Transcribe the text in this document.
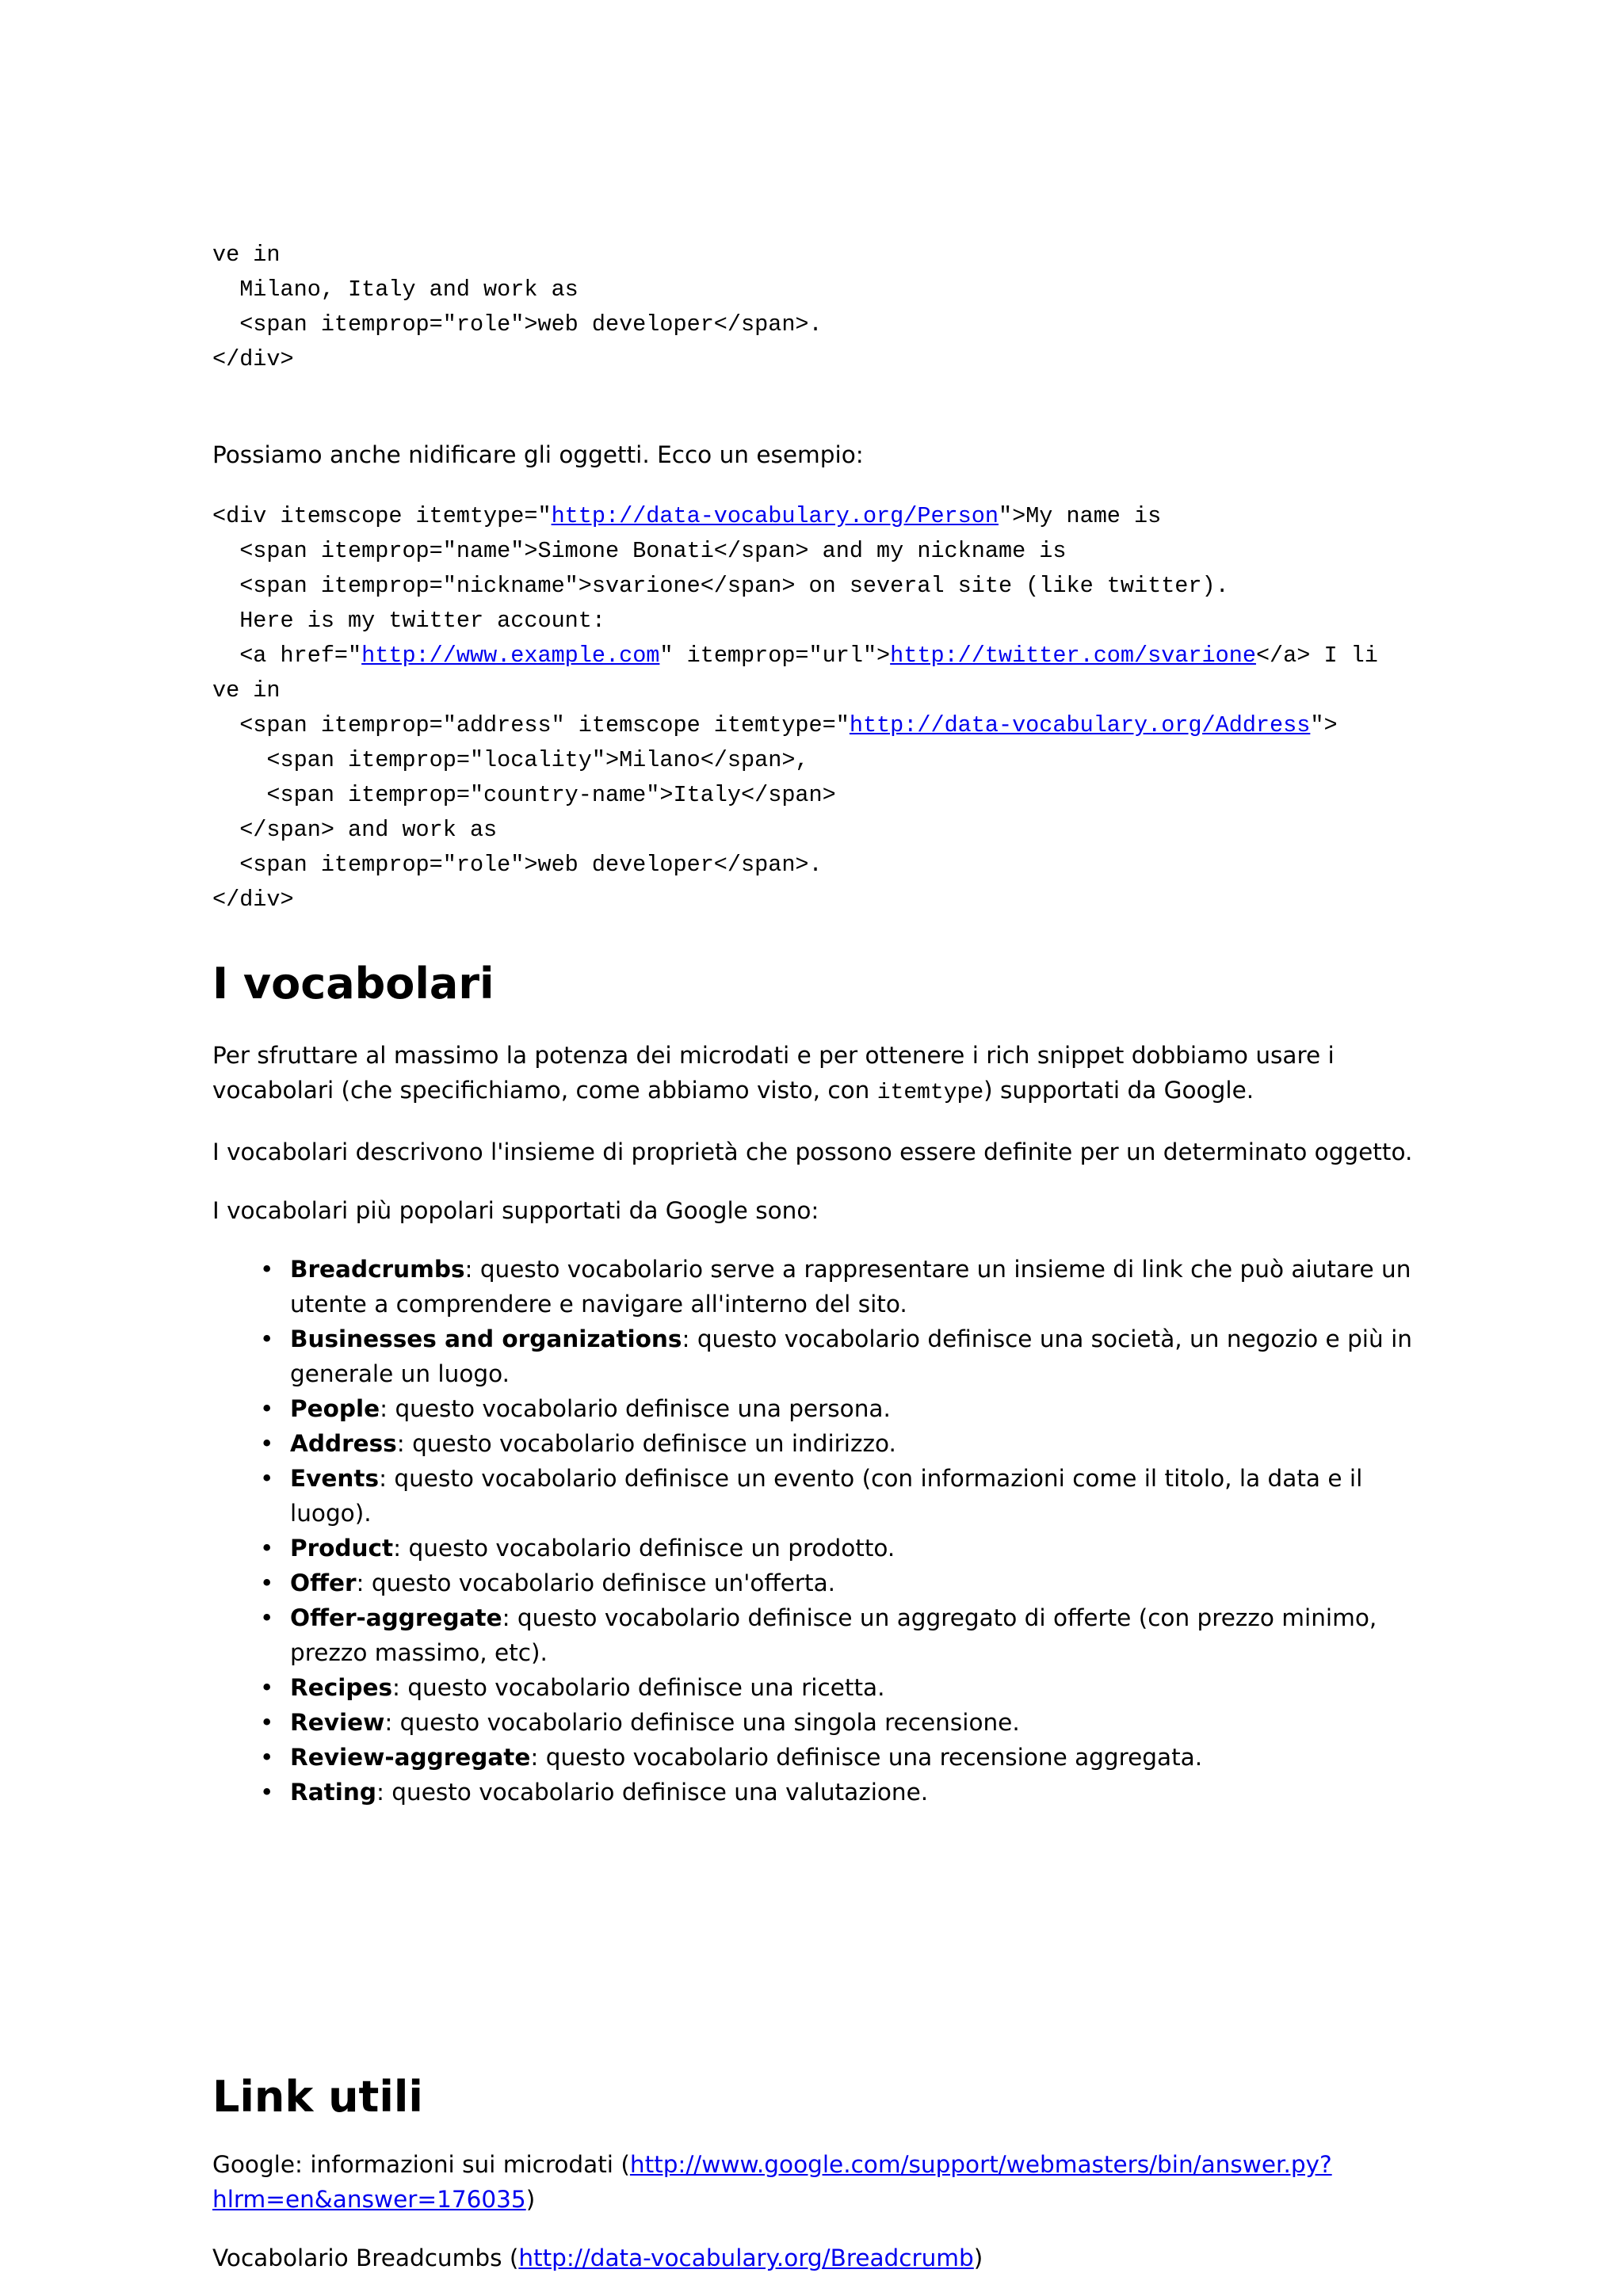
ve in
Milano, Italy and work as
<span itemprop="role">web developer</span>.
</div>

Possiamo anche nidificare gli oggetti. Ecco un esempio:

<div itemscope itemtype="http://data-vocabulary.org/Person">My name is
<span itemprop="name">Simone Bonati</span> and my nickname is
<span itemprop="nickname">svarione</span> on several site (like twitter).
Here is my twitter account:
<a href="http://www.example.com" itemprop="url">http://twitter.com/svarione</a> I li
ve in
<span itemprop="address" itemscope itemtype="http://data-vocabulary.org/Address">
<span itemprop="locality">Milano</span>,
<span itemprop="country-name">Italy</span>
</span> and work as
<span itemprop="role">web developer</span>.
</div>
I vocabolari

Per sfruttare al massimo la potenza dei microdati e per ottenere i rich snippet dobbiamo usare i vocabolari (che specifichiamo, come abbiamo visto, con itemtype) supportati da Google.

I vocabolari descrivono l'insieme di proprietà che possono essere definite per un determinato oggetto.

I vocabolari più popolari supportati da Google sono:

• Breadcrumbs: questo vocabolario serve a rappresentare un insieme di link che può aiutare un utente a comprendere e navigare all'interno del sito.
• Businesses and organizations: questo vocabolario definisce una società, un negozio e più in generale un luogo.
• People: questo vocabolario definisce una persona.
• Address: questo vocabolario definisce un indirizzo.
• Events: questo vocabolario definisce un evento (con informazioni come il titolo, la data e il luogo).
• Product: questo vocabolario definisce un prodotto.
• Offer: questo vocabolario definisce un'offerta.
• Offer-aggregate: questo vocabolario definisce un aggregato di offerte (con prezzo minimo, prezzo massimo, etc).
• Recipes: questo vocabolario definisce una ricetta.
• Review: questo vocabolario definisce una singola recensione.
• Review-aggregate: questo vocabolario definisce una recensione aggregata.
• Rating: questo vocabolario definisce una valutazione.
Link utili

Google: informazioni sui microdati (http://www.google.com/support/webmasters/bin/answer.py?
hlrm=en&answer=176035)

Vocabolario Breadcumbs (http://data-vocabulary.org/Breadcrumb)
